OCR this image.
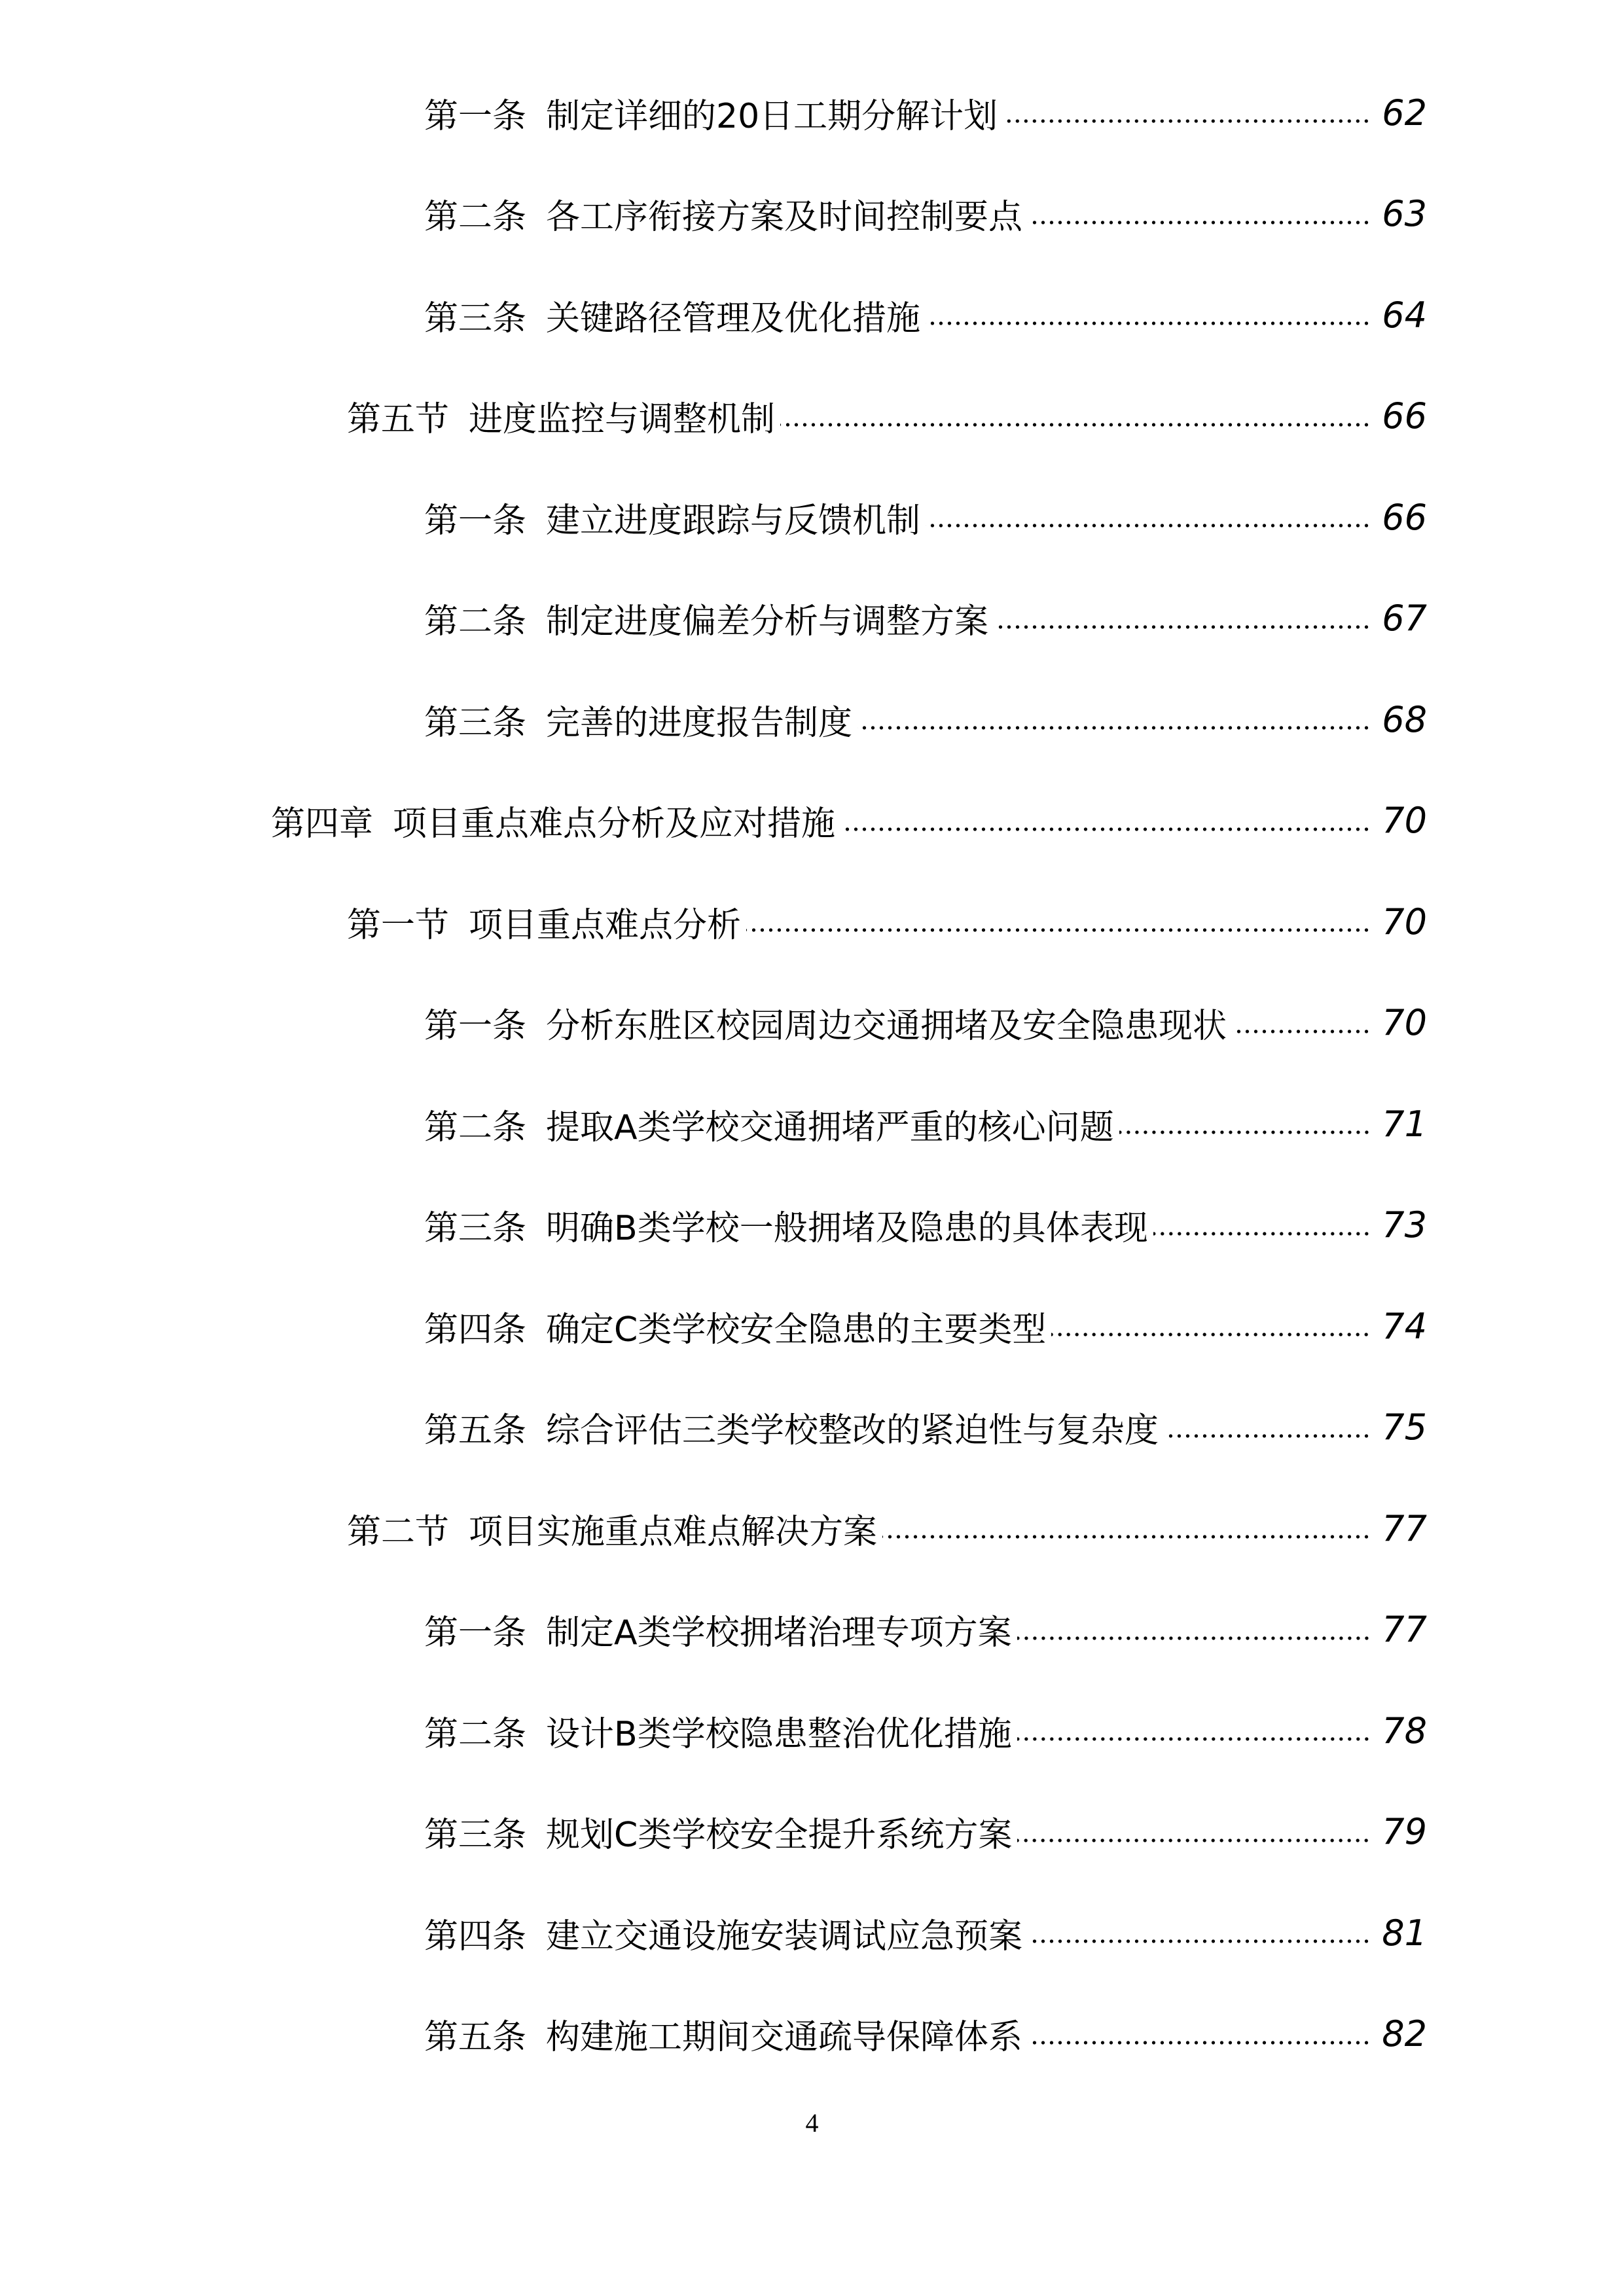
第一条 制定详细的20日工期分解计划	62
第二条 各工序衔接方案及时间控制要点	63
第三条 关键路径管理及优化措施	64
第五节 进度监控与调整机制	66
第一条 建立进度跟踪与反馈机制	66
第二条 制定进度偏差分析与调整方案	67
第三条 完善的进度报告制度	68
第四章 项目重点难点分析及应对措施	70
第一节 项目重点难点分析	70
第一条 分析东胜区校园周边交通拥堵及安全隐患现状	70
第二条 提取A类学校交通拥堵严重的核心问题	71
第三条 明确B类学校一般拥堵及隐患的具体表现	73
第四条 确定C类学校安全隐患的主要类型	74
第五条 综合评估三类学校整改的紧迫性与复杂度	75
第二节 项目实施重点难点解决方案	77
第一条 制定A类学校拥堵治理专项方案	77
第二条 设计B类学校隐患整治优化措施	78
第三条 规划C类学校安全提升系统方案	79
第四条 建立交通设施安装调试应急预案	81
第五条 构建施工期间交通疏导保障体系	82
4
